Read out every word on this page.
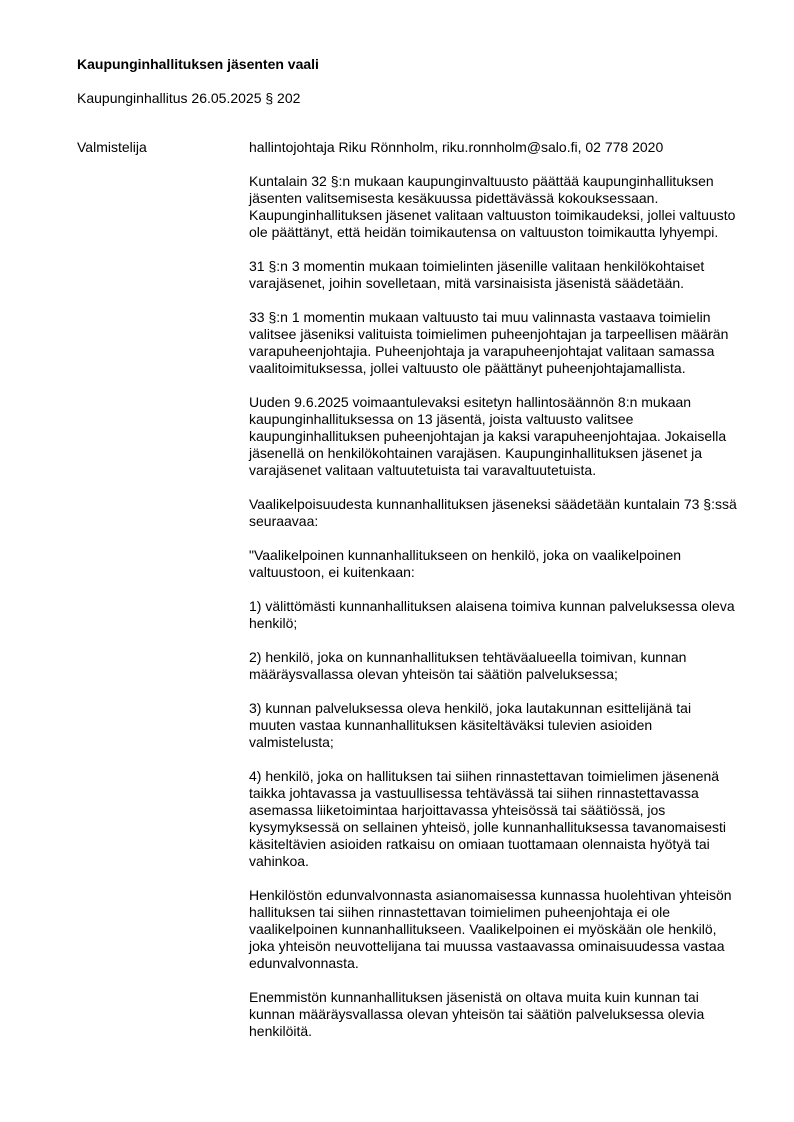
Kaupunginhallituksen jäsenten vaali
Kaupunginhallitus 26.05.2025 § 202
Valmistelija	hallintojohtaja Riku Rönnholm, riku.ronnholm@salo.fi, 02 778 2020

Kuntalain 32 §:n mukaan kaupunginvaltuusto päättää kaupunginhallituksen jäsenten valitsemisesta kesäkuussa pidettävässä kokouksessaan. Kaupunginhallituksen jäsenet valitaan valtuuston toimikaudeksi, jollei valtuusto ole päättänyt, että heidän toimikautensa on valtuuston toimikautta lyhyempi.

31 §:n 3 momentin mukaan toimielinten jäsenille valitaan henkilökohtaiset varajäsenet, joihin sovelletaan, mitä varsinaisista jäsenistä säädetään.

33 §:n 1 momentin mukaan valtuusto tai muu valinnasta vastaava toimielin valitsee jäseniksi valituista toimielimen puheenjohtajan ja tarpeellisen määrän varapuheenjohtajia. Puheenjohtaja ja varapuheenjohtajat valitaan samassa vaalitoimituksessa, jollei valtuusto ole päättänyt puheenjohtajamallista.

Uuden 9.6.2025 voimaantulevaksi esitetyn hallintosäännön 8:n mukaan kaupunginhallituksessa on 13 jäsentä, joista valtuusto valitsee kaupunginhallituksen puheenjohtajan ja kaksi varapuheenjohtajaa. Jokaisella jäsenellä on henkilökohtainen varajäsen. Kaupunginhallituksen jäsenet ja varajäsenet valitaan valtuutetuista tai varavaltuutetuista.

Vaalikelpoisuudesta kunnanhallituksen jäseneksi säädetään kuntalain 73 §:ssä seuraavaa:

"Vaalikelpoinen kunnanhallitukseen on henkilö, joka on vaalikelpoinen valtuustoon, ei kuitenkaan:

1) välittömästi kunnanhallituksen alaisena toimiva kunnan palveluksessa oleva henkilö;

2) henkilö, joka on kunnanhallituksen tehtäväalueella toimivan, kunnan määräysvallassa olevan yhteisön tai säätiön palveluksessa;

3) kunnan palveluksessa oleva henkilö, joka lautakunnan esittelijänä tai muuten vastaa kunnanhallituksen käsiteltäväksi tulevien asioiden valmistelusta;

4) henkilö, joka on hallituksen tai siihen rinnastettavan toimielimen jäsenenä taikka johtavassa ja vastuullisessa tehtävässä tai siihen rinnastettavassa asemassa liiketoimintaa harjoittavassa yhteisössä tai säätiössä, jos kysymyksessä on sellainen yhteisö, jolle kunnanhallituksessa tavanomaisesti käsiteltävien asioiden ratkaisu on omiaan tuottamaan olennaista hyötyä tai vahinkoa.

Henkilöstön edunvalvonnasta asianomaisessa kunnassa huolehtivan yhteisön hallituksen tai siihen rinnastettavan toimielimen puheenjohtaja ei ole vaalikelpoinen kunnanhallitukseen. Vaalikelpoinen ei myöskään ole henkilö, joka yhteisön neuvottelijana tai muussa vastaavassa ominaisuudessa vastaa edunvalvonnasta.

Enemmistön kunnanhallituksen jäsenistä on oltava muita kuin kunnan tai kunnan määräysvallassa olevan yhteisön tai säätiön palveluksessa olevia henkilöitä.
